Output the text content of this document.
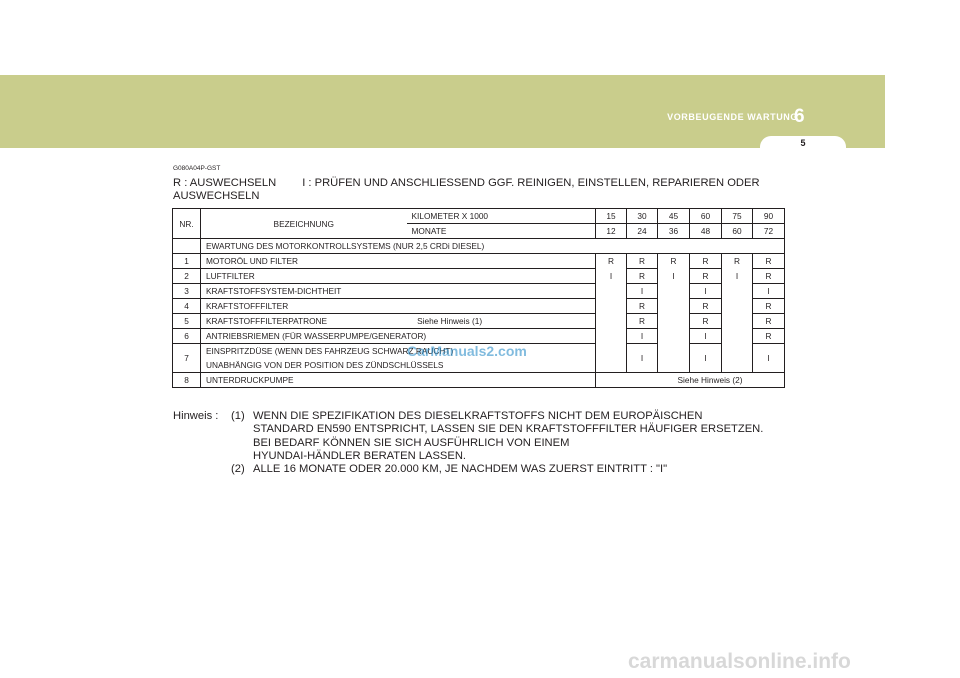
VORBEUGENDE WARTUNG
6
5
G080A04P-GST
R : AUSWECHSELN I : PRÜFEN UND ANSCHLIESSEND GGF. REINIGEN, EINSTELLEN, REPARIEREN ODER
AUSWECHSELN
NR.	BEZEICHNUNG	KILOMETER X 1000	15	30	45	60	75	90
		MONATE	12	24	36	48	60	72
	EWARTUNG DES MOTORKONTROLLSYSTEMS (NUR 2,5 CRDi DIESEL)							
1	MOTORÖL UND FILTER		R	R	R	R	R	R
2	LUFTFILTER		I	R	I	R	I	R
3	KRAFTSTOFFSYSTEM-DICHTHEIT			I		I		I
4	KRAFTSTOFFFILTER			R		R		R
5	KRAFTSTOFFFILTERPATRONE Siehe Hinweis (1)			R		R		R
6	ANTRIEBSRIEMEN (FÜR WASSERPUMPE/GENERATOR)			I		I		R
7	EINSPRITZDÜSE (WENN DES FAHRZEUG SCHWARZ RAUCHT)			I		I		I
	UNABHÄNGIG VON DER POSITION DES ZÜNDSCHLÜSSELS							
8	UNTERDRUCKPUMPE		Siehe Hinweis (2)					
CarManuals2.com
Hinweis :	(1) WENN DIE SPEZIFIKATION DES DIESELKRAFTSTOFFS NICHT DEM EUROPÄISCHEN
STANDARD EN590 ENTSPRICHT, LASSEN SIE DEN KRAFTSTOFFFILTER HÄUFIGER ERSETZEN.
BEI BEDARF KÖNNEN SIE SICH AUSFÜHRLICH VON EINEM
HYUNDAI-HÄNDLER BERATEN LASSEN.
(2) ALLE 16 MONATE ODER 20.000 KM, JE NACHDEM WAS ZUERST EINTRITT : "I"
carmanualsonline.info
